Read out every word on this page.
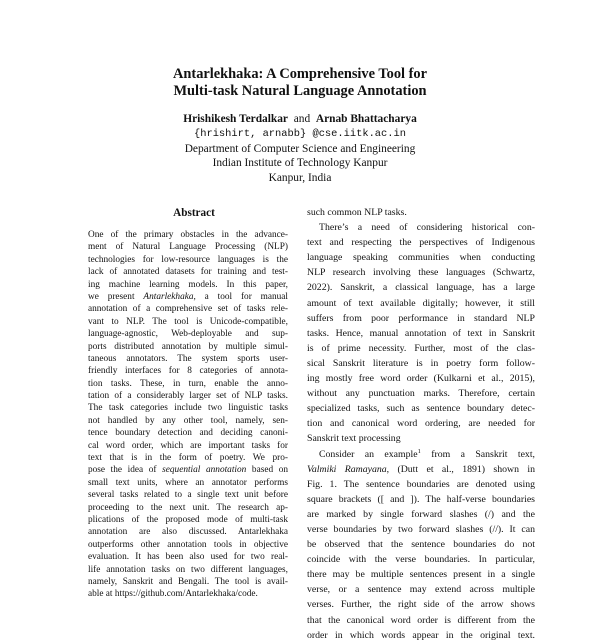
Antarlekhaka: A Comprehensive Tool for
Multi-task Natural Language Annotation
Hrishikesh Terdalkar and Arnab Bhattacharya
{hrishirt, arnabb} @cse.iitk.ac.in
Department of Computer Science and Engineering
Indian Institute of Technology Kanpur
Kanpur, India
Abstract
One of the primary obstacles in the advance-
ment of Natural Language Processing (NLP)
technologies for low-resource languages is the
lack of annotated datasets for training and test-
ing machine learning models. In this paper,
we present Antarlekhaka, a tool for manual
annotation of a comprehensive set of tasks rele-
vant to NLP. The tool is Unicode-compatible,
language-agnostic, Web-deployable and sup-
ports distributed annotation by multiple simul-
taneous annotators. The system sports user-
friendly interfaces for 8 categories of annota-
tion tasks. These, in turn, enable the anno-
tation of a considerably larger set of NLP tasks.
The task categories include two linguistic tasks
not handled by any other tool, namely, sen-
tence boundary detection and deciding canoni-
cal word order, which are important tasks for
text that is in the form of poetry. We pro-
pose the idea of sequential annotation based on
small text units, where an annotator performs
several tasks related to a single text unit before
proceeding to the next unit. The research ap-
plications of the proposed mode of multi-task
annotation are also discussed. Antarlekhaka
outperforms other annotation tools in objective
evaluation. It has been also used for two real-
life annotation tasks on two different languages,
namely, Sanskrit and Bengali. The tool is avail-
able at https://github.com/Antarlekhaka/code.
such common NLP tasks.
There’s a need of considering historical con-
text and respecting the perspectives of Indigenous
language speaking communities when conducting
NLP research involving these languages (Schwartz,
2022). Sanskrit, a classical language, has a large
amount of text available digitally; however, it still
suffers from poor performance in standard NLP
tasks. Hence, manual annotation of text in Sanskrit
is of prime necessity. Further, most of the clas-
sical Sanskrit literature is in poetry form follow-
ing mostly free word order (Kulkarni et al., 2015),
without any punctuation marks. Therefore, certain
specialized tasks, such as sentence boundary detec-
tion and canonical word ordering, are needed for
Sanskrit text processing
Consider an example$^1$ from a Sanskrit text,
Valmiki Ramayana, (Dutt et al., 1891) shown in
Fig. 1. The sentence boundaries are denoted using
square brackets ([ and ]). The half-verse boundaries
are marked by single forward slashes (/) and the
verse boundaries by two forward slashes (//). It can
be observed that the sentence boundaries do not
coincide with the verse boundaries. In particular,
there may be multiple sentences present in a single
verse, or a sentence may extend across multiple
verses. Further, the right side of the arrow shows
that the canonical word order is different from the
order in which words appear in the original text.
